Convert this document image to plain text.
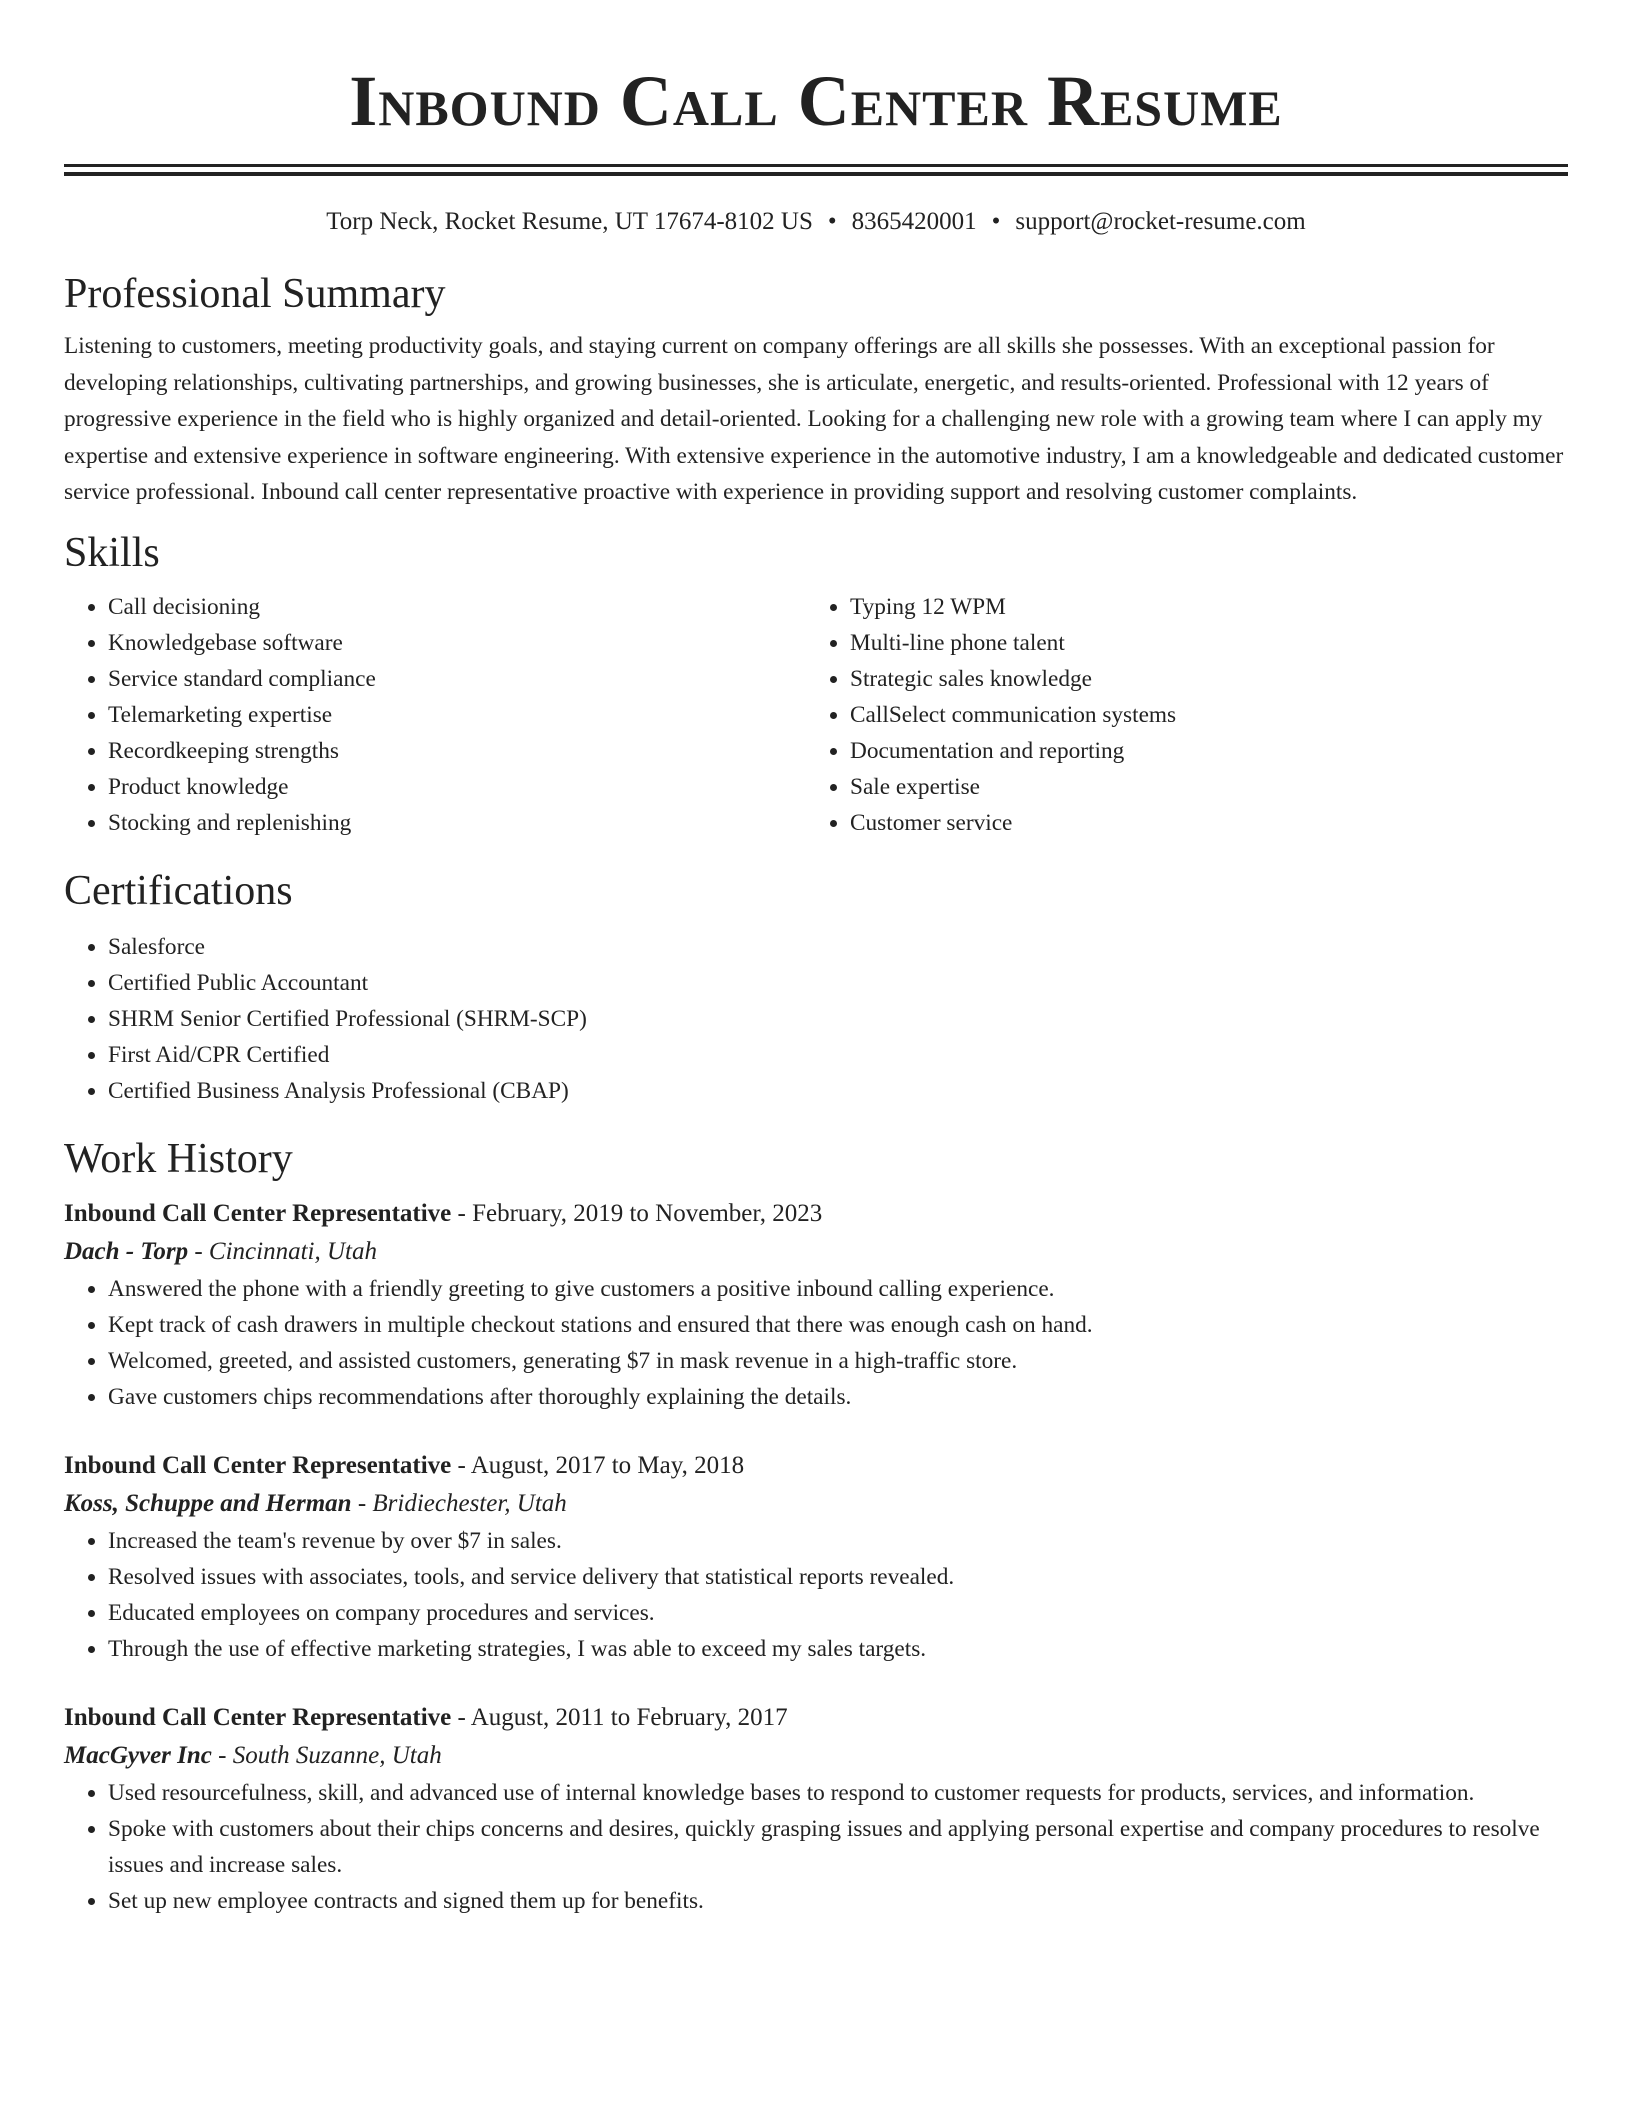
Inbound Call Center Resume
Torp Neck, Rocket Resume, UT 17674-8102 US • 8365420001 • support@rocket-resume.com
Professional Summary

Listening to customers, meeting productivity goals, and staying current on company offerings are all skills she possesses. With an exceptional passion for developing relationships, cultivating partnerships, and growing businesses, she is articulate, energetic, and results-oriented. Professional with 12 years of progressive experience in the field who is highly organized and detail-oriented. Looking for a challenging new role with a growing team where I can apply my expertise and extensive experience in software engineering. With extensive experience in the automotive industry, I am a knowledgeable and dedicated customer service professional. Inbound call center representative proactive with experience in providing support and resolving customer complaints.

Skills
• Call decisioning
• Knowledgebase software
• Service standard compliance
• Telemarketing expertise
• Recordkeeping strengths
• Product knowledge
• Stocking and replenishing
• Typing 12 WPM
• Multi-line phone talent
• Strategic sales knowledge
• CallSelect communication systems
• Documentation and reporting
• Sale expertise
• Customer service
Certifications
• Salesforce
• Certified Public Accountant
• SHRM Senior Certified Professional (SHRM-SCP)
• First Aid/CPR Certified
• Certified Business Analysis Professional (CBAP)
Work History
Inbound Call Center Representative - February, 2019 to November, 2023
Dach - Torp - Cincinnati, Utah
• Answered the phone with a friendly greeting to give customers a positive inbound calling experience.
• Kept track of cash drawers in multiple checkout stations and ensured that there was enough cash on hand.
• Welcomed, greeted, and assisted customers, generating $7 in mask revenue in a high-traffic store.
• Gave customers chips recommendations after thoroughly explaining the details.
Inbound Call Center Representative - August, 2017 to May, 2018
Koss, Schuppe and Herman - Bridiechester, Utah
• Increased the team's revenue by over $7 in sales.
• Resolved issues with associates, tools, and service delivery that statistical reports revealed.
• Educated employees on company procedures and services.
• Through the use of effective marketing strategies, I was able to exceed my sales targets.
Inbound Call Center Representative - August, 2011 to February, 2017
MacGyver Inc - South Suzanne, Utah
• Used resourcefulness, skill, and advanced use of internal knowledge bases to respond to customer requests for products, services, and information.
• Spoke with customers about their chips concerns and desires, quickly grasping issues and applying personal expertise and company procedures to resolve issues and increase sales.
• Set up new employee contracts and signed them up for benefits.
